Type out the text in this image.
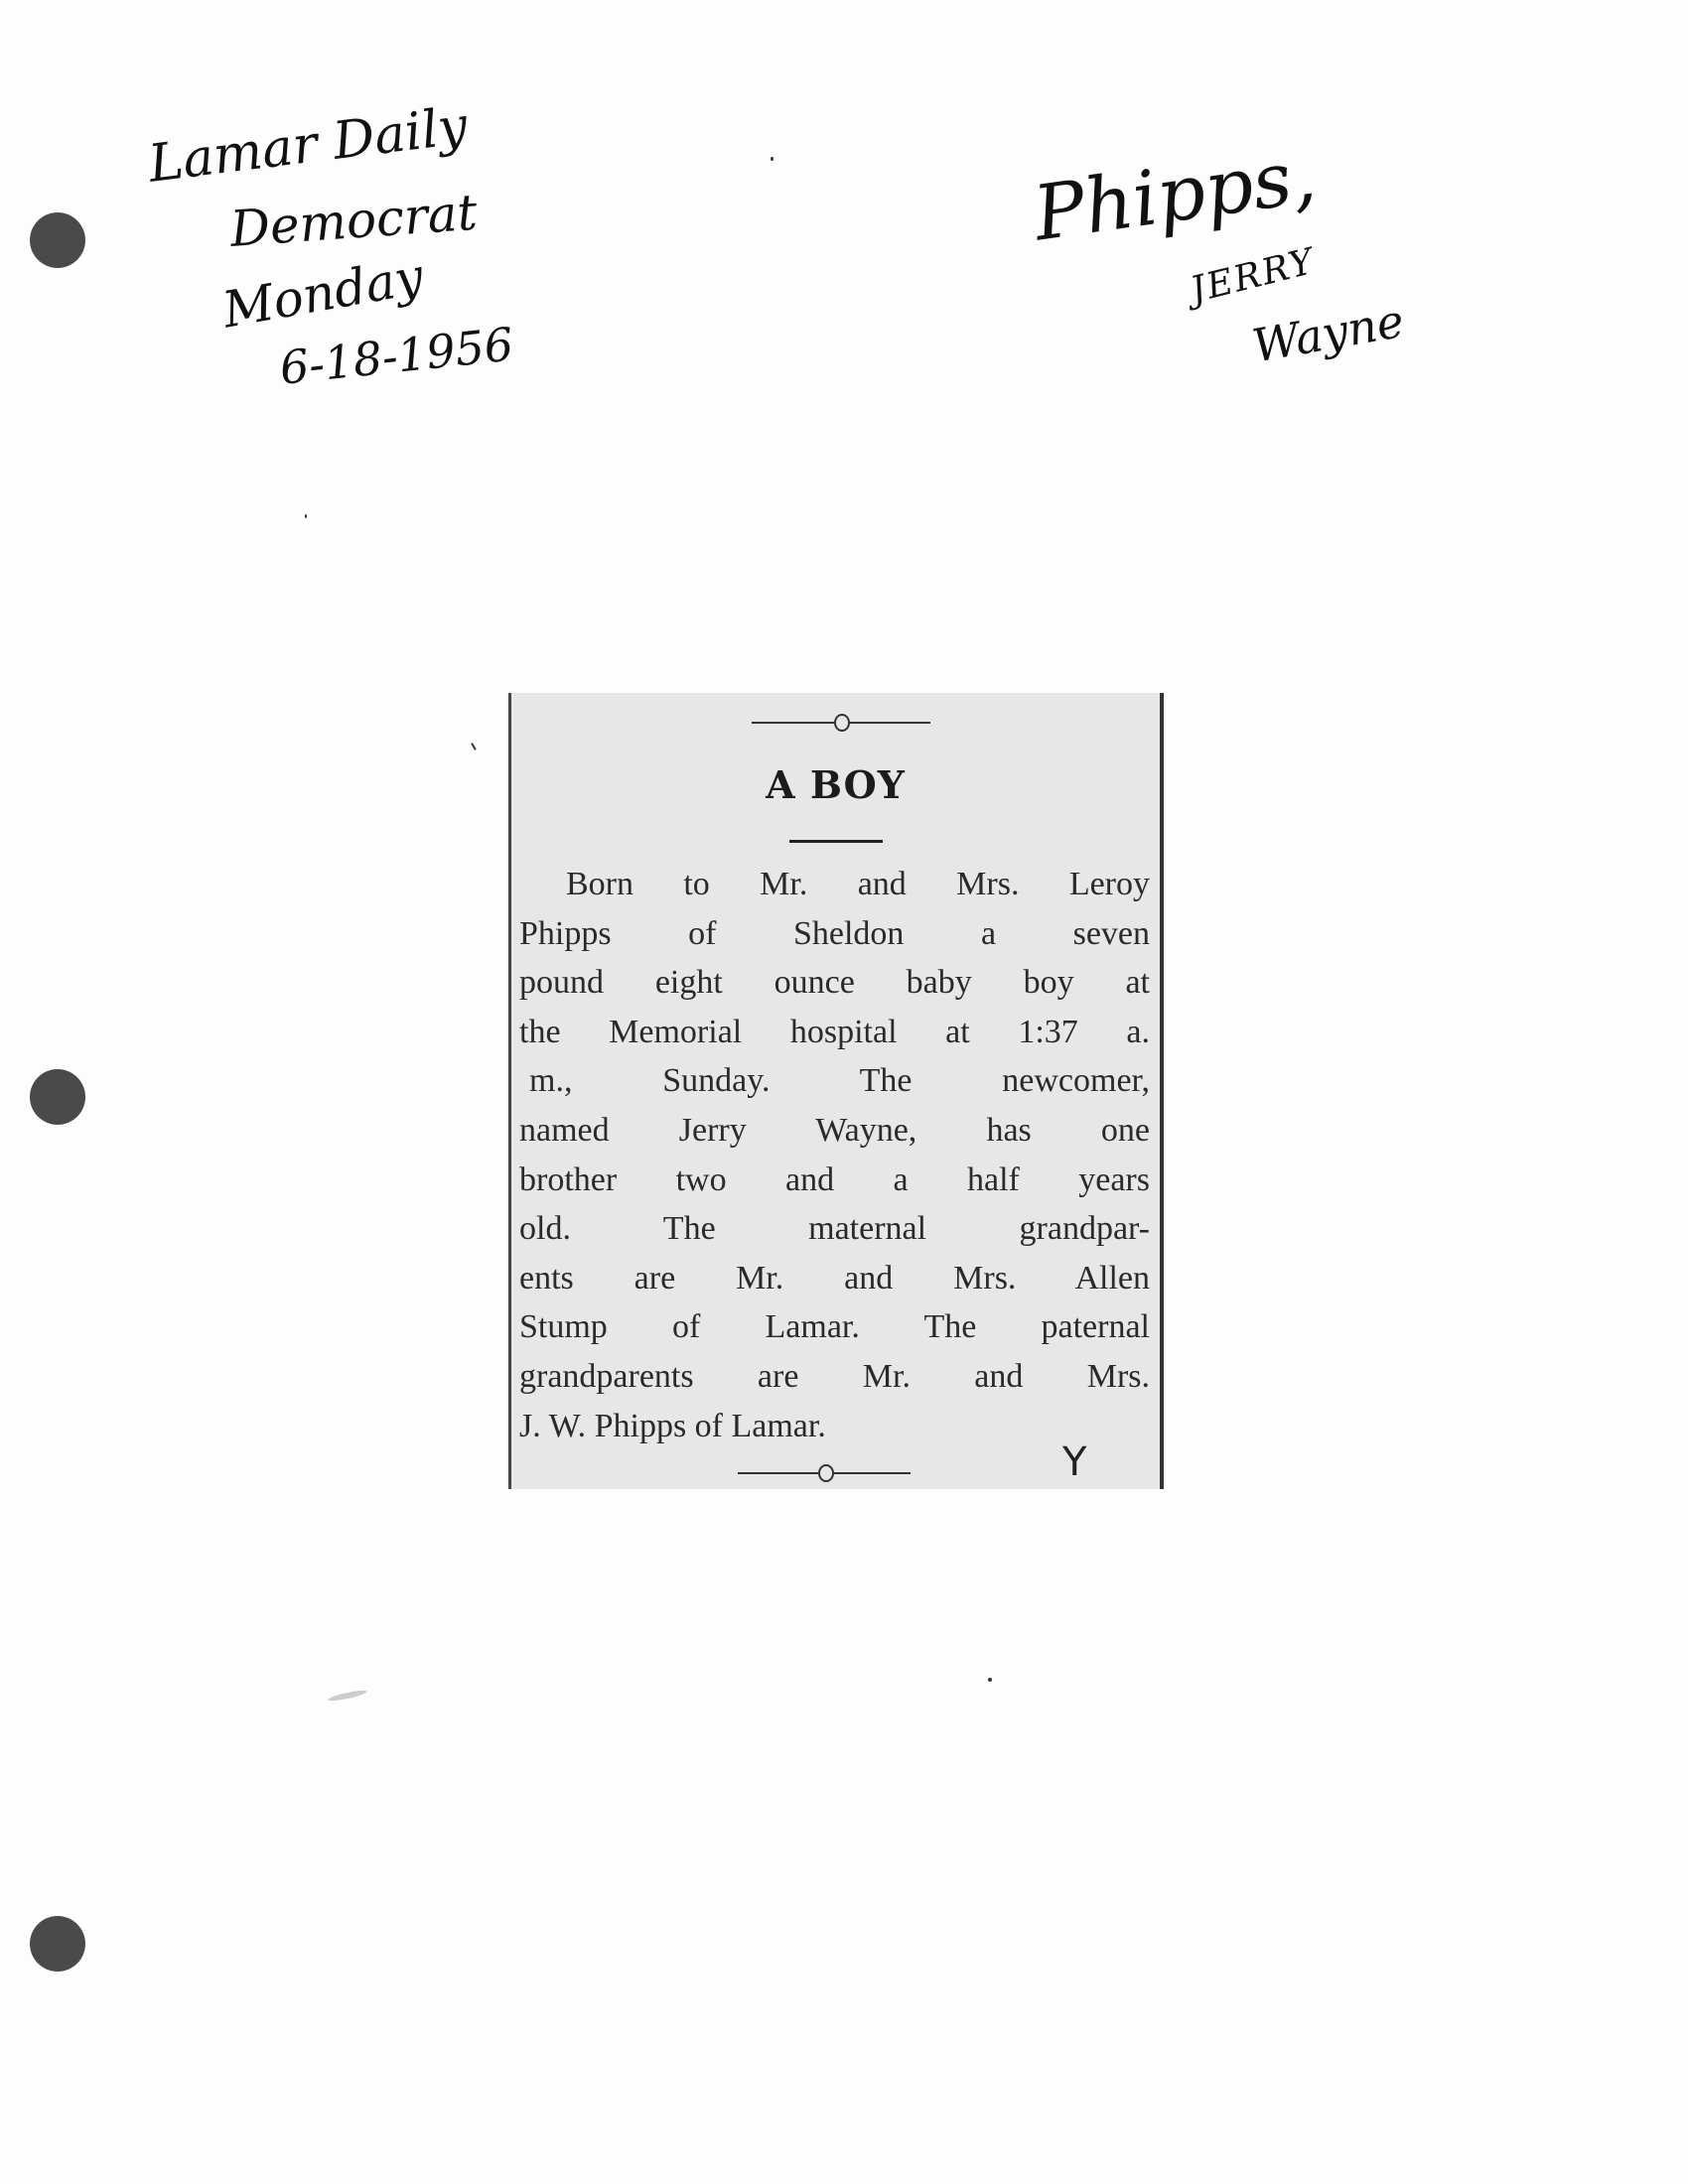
Lamar Daily
Democrat
Monday
6-18-1956
Phipps,
JERRY
Wayne
A BOY
Born to Mr. and Mrs. Leroy
Phipps of Sheldon a seven
pound eight ounce baby boy at
the Memorial hospital at 1:37 a.
m., Sunday. The newcomer,
named Jerry Wayne, has one
brother two and a half years
old. The maternal grandpar-
ents are Mr. and Mrs. Allen
Stump of Lamar. The paternal
grandparents are Mr. and Mrs.
J. W. Phipps of Lamar.
Y
